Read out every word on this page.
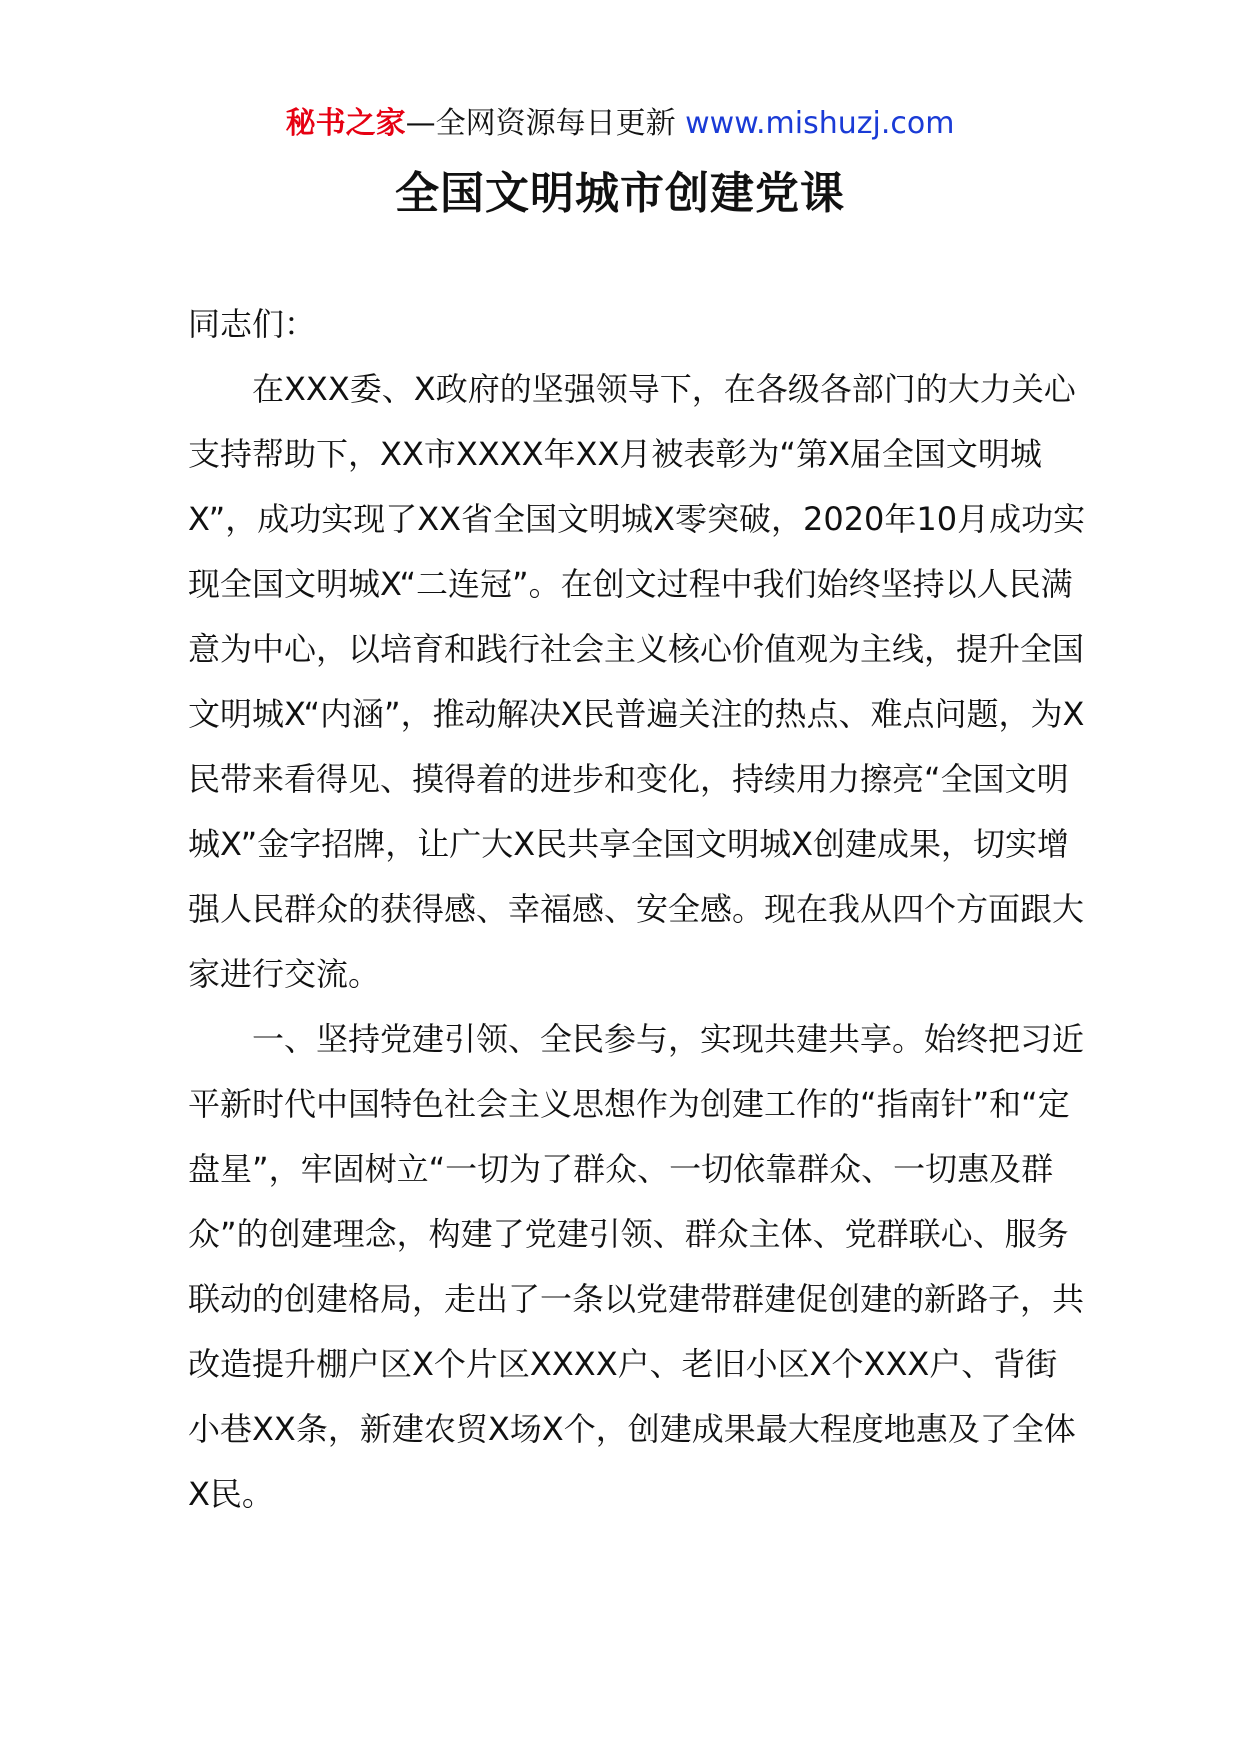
秘书之家—全网资源每日更新 www.mishuzj.com
全国文明城市创建党课

同志们：

在XXX委、X政府的坚强领导下，在各级各部门的大力关心支持帮助下，XX市XXXX年XX月被表彰为“第X届全国文明城X”，成功实现了XX省全国文明城X零突破，2020年10月成功实现全国文明城X“二连冠”。在创文过程中我们始终坚持以人民满意为中心，以培育和践行社会主义核心价值观为主线，提升全国文明城X“内涵”，推动解决X民普遍关注的热点、难点问题，为X民带来看得见、摸得着的进步和变化，持续用力擦亮“全国文明城X”金字招牌，让广大X民共享全国文明城X创建成果，切实增强人民群众的获得感、幸福感、安全感。现在我从四个方面跟大家进行交流。

一、坚持党建引领、全民参与，实现共建共享。始终把习近平新时代中国特色社会主义思想作为创建工作的“指南针”和“定盘星”，牢固树立“一切为了群众、一切依靠群众、一切惠及群众”的创建理念，构建了党建引领、群众主体、党群联心、服务联动的创建格局，走出了一条以党建带群建促创建的新路子，共改造提升棚户区X个片区XXXX户、老旧小区X个XXX户、背街小巷XX条，新建农贸X场X个，创建成果最大程度地惠及了全体X民。
